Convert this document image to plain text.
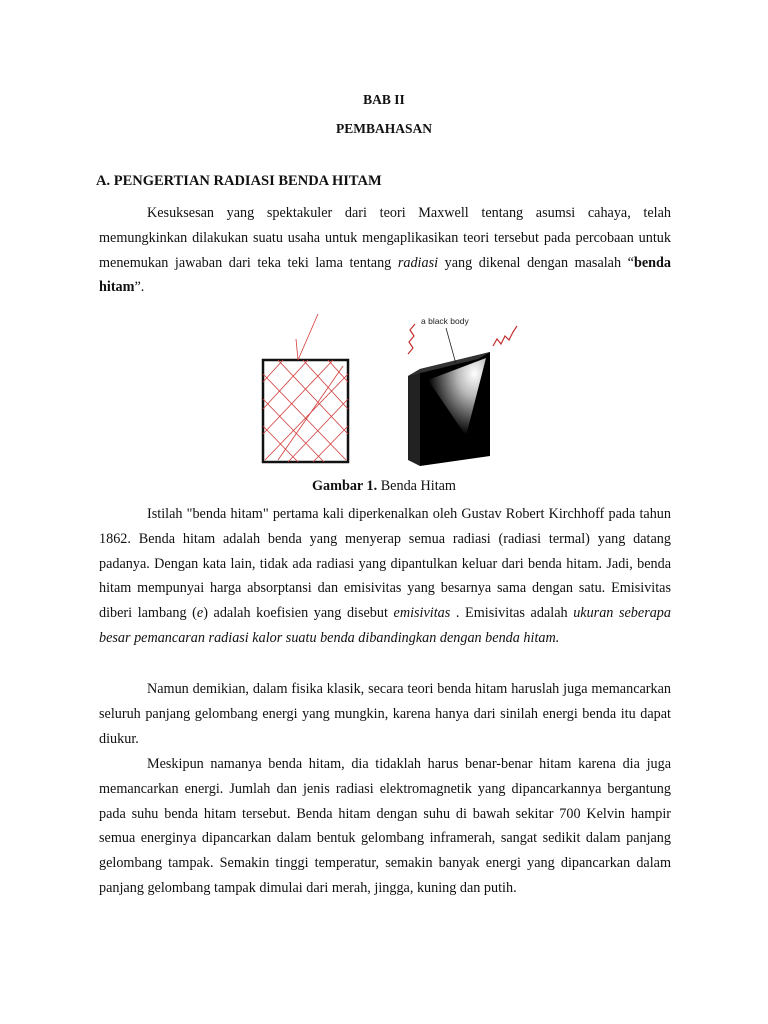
BAB II
PEMBAHASAN
A. PENGERTIAN RADIASI BENDA HITAM

Kesuksesan yang spektakuler dari teori Maxwell tentang asumsi cahaya, telah memungkinkan dilakukan suatu usaha untuk mengaplikasikan teori tersebut pada percobaan untuk menemukan jawaban dari teka teki lama tentang radiasi yang dikenal dengan masalah “benda hitam”.

a black body
Gambar 1. Benda Hitam

Istilah "benda hitam" pertama kali diperkenalkan oleh Gustav Robert Kirchhoff pada tahun 1862. Benda hitam adalah benda yang menyerap semua radiasi (radiasi termal) yang datang padanya. Dengan kata lain, tidak ada radiasi yang dipantulkan keluar dari benda hitam. Jadi, benda hitam mempunyai harga absorptansi dan emisivitas yang besarnya sama dengan satu. Emisivitas diberi lambang (e) adalah koefisien yang disebut emisivitas . Emisivitas adalah ukuran seberapa besar pemancaran radiasi kalor suatu benda dibandingkan dengan benda hitam.

Namun demikian, dalam fisika klasik, secara teori benda hitam haruslah juga memancarkan seluruh panjang gelombang energi yang mungkin, karena hanya dari sinilah energi benda itu dapat diukur.

Meskipun namanya benda hitam, dia tidaklah harus benar-benar hitam karena dia juga memancarkan energi. Jumlah dan jenis radiasi elektromagnetik yang dipancarkannya bergantung pada suhu benda hitam tersebut. Benda hitam dengan suhu di bawah sekitar 700 Kelvin hampir semua energinya dipancarkan dalam bentuk gelombang inframerah, sangat sedikit dalam panjang gelombang tampak. Semakin tinggi temperatur, semakin banyak energi yang dipancarkan dalam panjang gelombang tampak dimulai dari merah, jingga, kuning dan putih.
